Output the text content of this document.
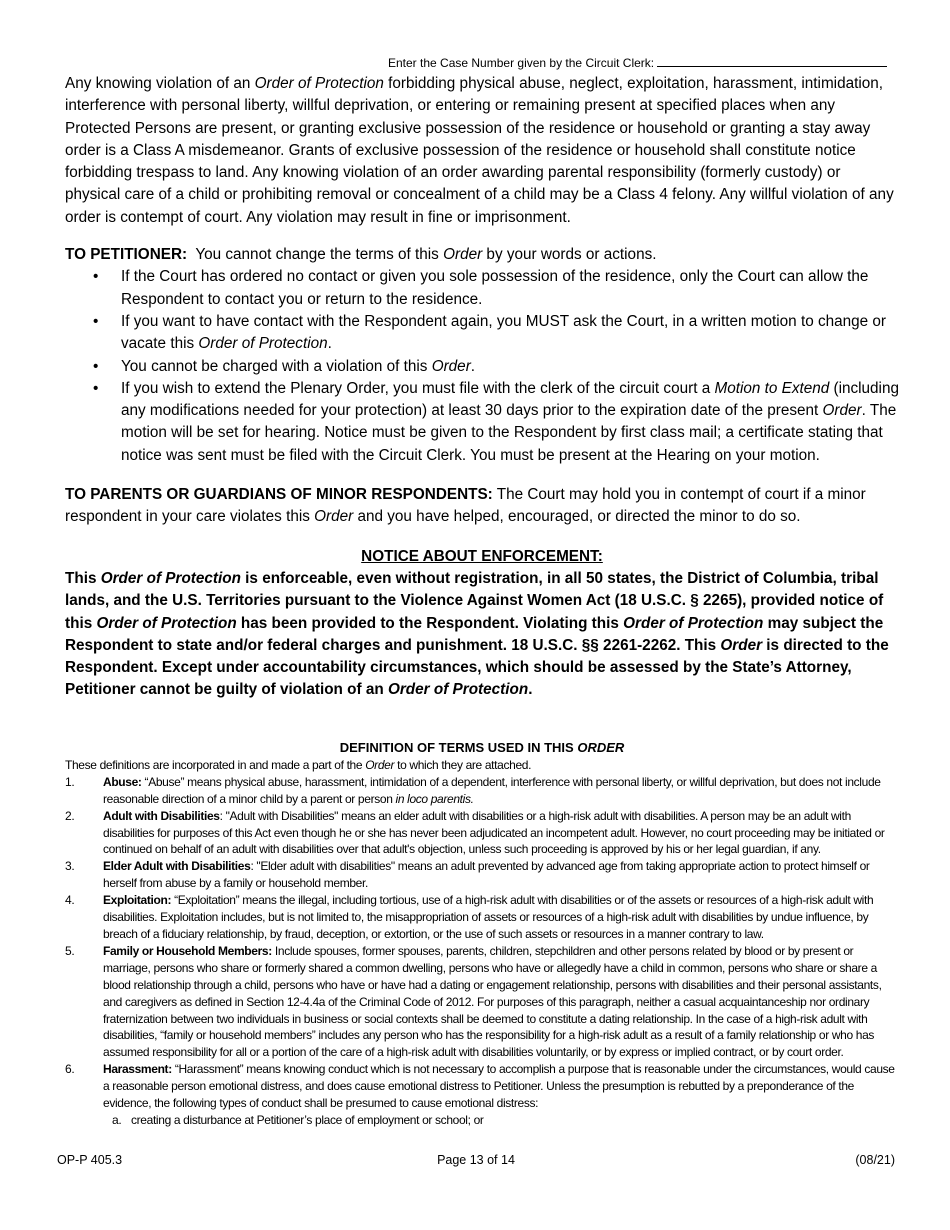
Enter the Case Number given by the Circuit Clerk:

Any knowing violation of an Order of Protection forbidding physical abuse, neglect, exploitation, harassment, intimidation, interference with personal liberty, willful deprivation, or entering or remaining present at specified places when any Protected Persons are present, or granting exclusive possession of the residence or household or granting a stay away order is a Class A misdemeanor. Grants of exclusive possession of the residence or household shall constitute notice forbidding trespass to land. Any knowing violation of an order awarding parental responsibility (formerly custody) or physical care of a child or prohibiting removal or concealment of a child may be a Class 4 felony. Any willful violation of any order is contempt of court. Any violation may result in fine or imprisonment.

TO PETITIONER:  You cannot change the terms of this Order by your words or actions.

• If the Court has ordered no contact or given you sole possession of the residence, only the Court can allow the Respondent to contact you or return to the residence.
• If you want to have contact with the Respondent again, you MUST ask the Court, in a written motion to change or vacate this Order of Protection.
• You cannot be charged with a violation of this Order.
• If you wish to extend the Plenary Order, you must file with the clerk of the circuit court a Motion to Extend (including any modifications needed for your protection) at least 30 days prior to the expiration date of the present Order. The motion will be set for hearing. Notice must be given to the Respondent by first class mail; a certificate stating that notice was sent must be filed with the Circuit Clerk. You must be present at the Hearing on your motion.

TO PARENTS OR GUARDIANS OF MINOR RESPONDENTS: The Court may hold you in contempt of court if a minor respondent in your care violates this Order and you have helped, encouraged, or directed the minor to do so.

NOTICE ABOUT ENFORCEMENT:

This Order of Protection is enforceable, even without registration, in all 50 states, the District of Columbia, tribal lands, and the U.S. Territories pursuant to the Violence Against Women Act (18 U.S.C. § 2265), provided notice of this Order of Protection has been provided to the Respondent. Violating this Order of Protection may subject the Respondent to state and/or federal charges and punishment. 18 U.S.C. §§ 2261-2262. This Order is directed to the Respondent. Except under accountability circumstances, which should be assessed by the State’s Attorney, Petitioner cannot be guilty of violation of an Order of Protection.

DEFINITION OF TERMS USED IN THIS ORDER
These definitions are incorporated in and made a part of the Order to which they are attached.
1. Abuse: “Abuse” means physical abuse, harassment, intimidation of a dependent, interference with personal liberty, or willful deprivation, but does not include reasonable direction of a minor child by a parent or person in loco parentis.
2. Adult with Disabilities: "Adult with Disabilities" means an elder adult with disabilities or a high-risk adult with disabilities. A person may be an adult with disabilities for purposes of this Act even though he or she has never been adjudicated an incompetent adult. However, no court proceeding may be initiated or continued on behalf of an adult with disabilities over that adult's objection, unless such proceeding is approved by his or her legal guardian, if any.
3. Elder Adult with Disabilities: "Elder adult with disabilities" means an adult prevented by advanced age from taking appropriate action to protect himself or herself from abuse by a family or household member.
4. Exploitation: “Exploitation” means the illegal, including tortious, use of a high-risk adult with disabilities or of the assets or resources of a high-risk adult with disabilities. Exploitation includes, but is not limited to, the misappropriation of assets or resources of a high-risk adult with disabilities by undue influence, by breach of a fiduciary relationship, by fraud, deception, or extortion, or the use of such assets or resources in a manner contrary to law.
5. Family or Household Members: Include spouses, former spouses, parents, children, stepchildren and other persons related by blood or by present or marriage, persons who share or formerly shared a common dwelling, persons who have or allegedly have a child in common, persons who share or share a blood relationship through a child, persons who have or have had a dating or engagement relationship, persons with disabilities and their personal assistants, and caregivers as defined in Section 12-4.4a of the Criminal Code of 2012. For purposes of this paragraph, neither a casual acquaintanceship nor ordinary fraternization between two individuals in business or social contexts shall be deemed to constitute a dating relationship. In the case of a high-risk adult with disabilities, “family or household members” includes any person who has the responsibility for a high-risk adult as a result of a family relationship or who has assumed responsibility for all or a portion of the care of a high-risk adult with disabilities voluntarily, or by express or implied contract, or by court order.
6. Harassment: “Harassment” means knowing conduct which is not necessary to accomplish a purpose that is reasonable under the circumstances, would cause a reasonable person emotional distress, and does cause emotional distress to Petitioner. Unless the presumption is rebutted by a preponderance of the evidence, the following types of conduct shall be presumed to cause emotional distress:
a. creating a disturbance at Petitioner’s place of employment or school; or
OP-P 405.3	Page 13 of 14	(08/21)
